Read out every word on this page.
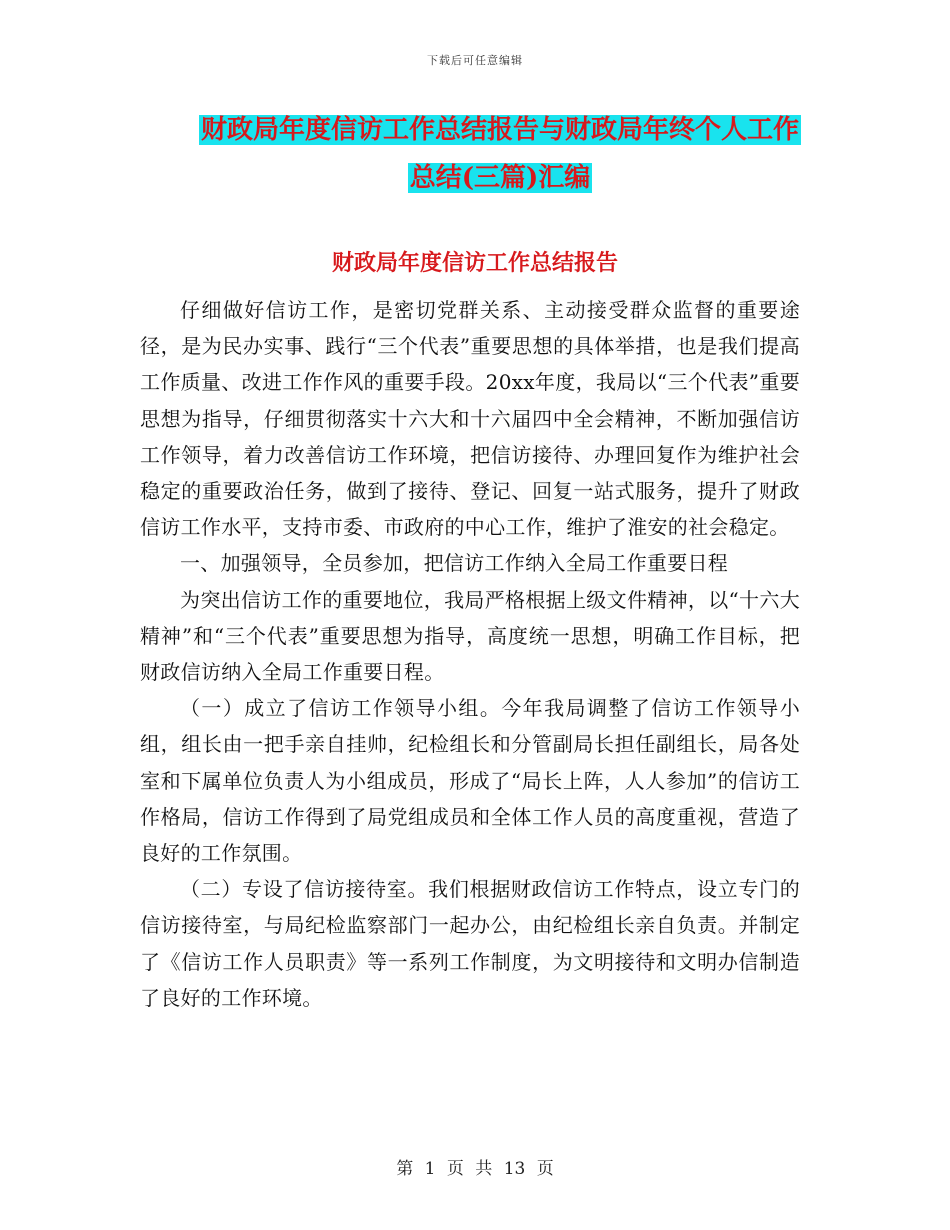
下载后可任意编辑
财政局年度信访工作总结报告与财政局年终个人工作
总结(三篇)汇编
财政局年度信访工作总结报告

仔细做好信访工作，是密切党群关系、主动接受群众监督的重要途径，是为民办实事、践行“三个代表”重要思想的具体举措，也是我们提高工作质量、改进工作作风的重要手段。20xx年度，我局以“三个代表”重要思想为指导，仔细贯彻落实十六大和十六届四中全会精神，不断加强信访工作领导，着力改善信访工作环境，把信访接待、办理回复作为维护社会稳定的重要政治任务，做到了接待、登记、回复一站式服务，提升了财政信访工作水平，支持市委、市政府的中心工作，维护了淮安的社会稳定。

一、加强领导，全员参加，把信访工作纳入全局工作重要日程

为突出信访工作的重要地位，我局严格根据上级文件精神，以“十六大精神”和“三个代表”重要思想为指导，高度统一思想，明确工作目标，把财政信访纳入全局工作重要日程。

（一）成立了信访工作领导小组。今年我局调整了信访工作领导小组，组长由一把手亲自挂帅，纪检组长和分管副局长担任副组长，局各处室和下属单位负责人为小组成员，形成了“局长上阵，人人参加”的信访工作格局，信访工作得到了局党组成员和全体工作人员的高度重视，营造了良好的工作氛围。

（二）专设了信访接待室。我们根据财政信访工作特点，设立专门的信访接待室，与局纪检监察部门一起办公，由纪检组长亲自负责。并制定了《信访工作人员职责》等一系列工作制度，为文明接待和文明办信制造了良好的工作环境。

第 1 页 共 13 页
